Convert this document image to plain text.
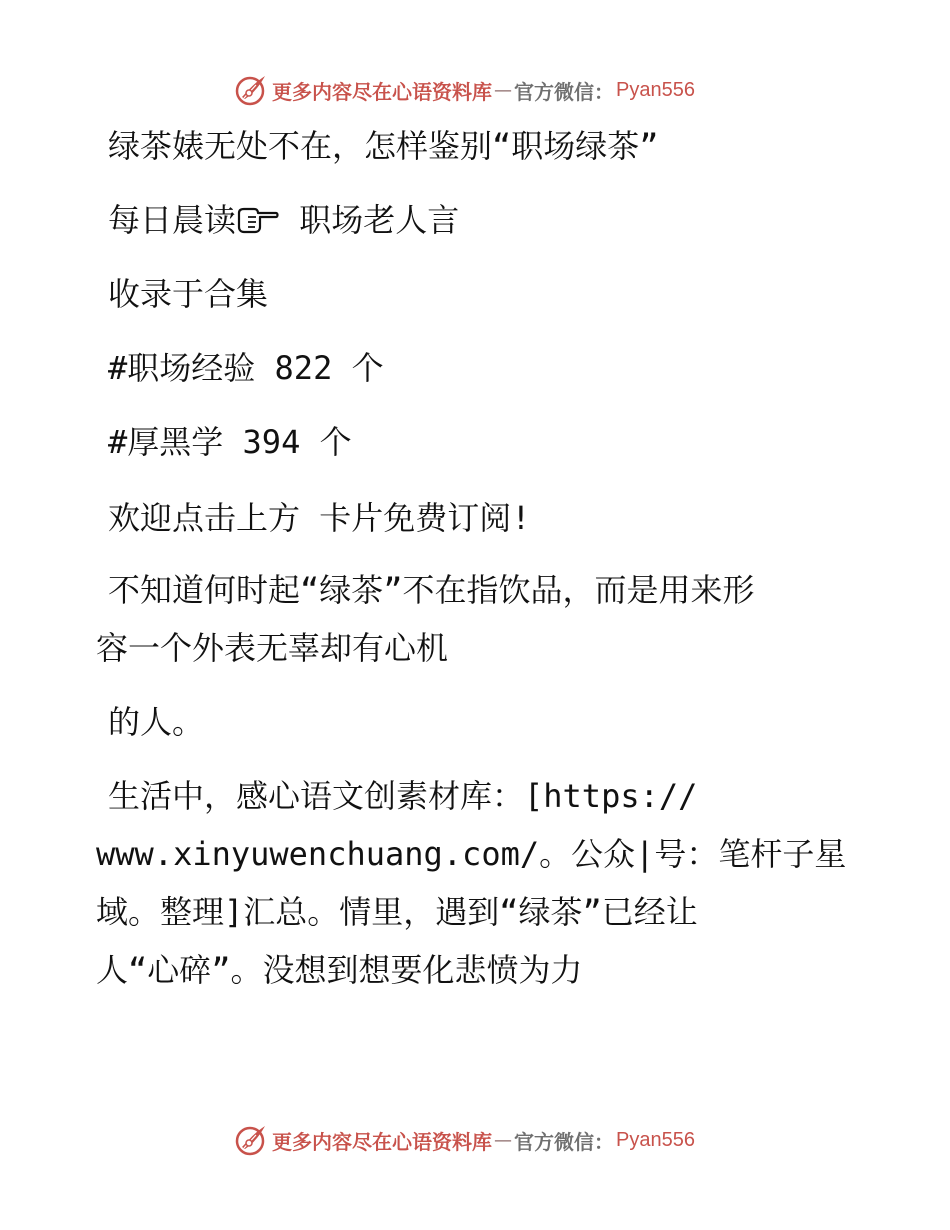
更多内容尽在心语资料库 — 官方微信： Pyan556
绿茶婊无处不在，怎样鉴别“职场绿茶”
每日晨读 职场老人言
收录于合集
#职场经验 822 个
#厚黑学 394 个
欢迎点击上方 卡片免费订阅!
不知道何时起“绿茶”不在指饮品，而是用来形
容一个外表无辜却有心机
的人。
生活中，感心语文创素材库：[https://
www.xinyuwenchuang.com/。公众|号：笔杆子星
域。整理]汇总。情里，遇到“绿茶”已经让
人“心碎”。没想到想要化悲愤为力
更多内容尽在心语资料库 — 官方微信： Pyan556
